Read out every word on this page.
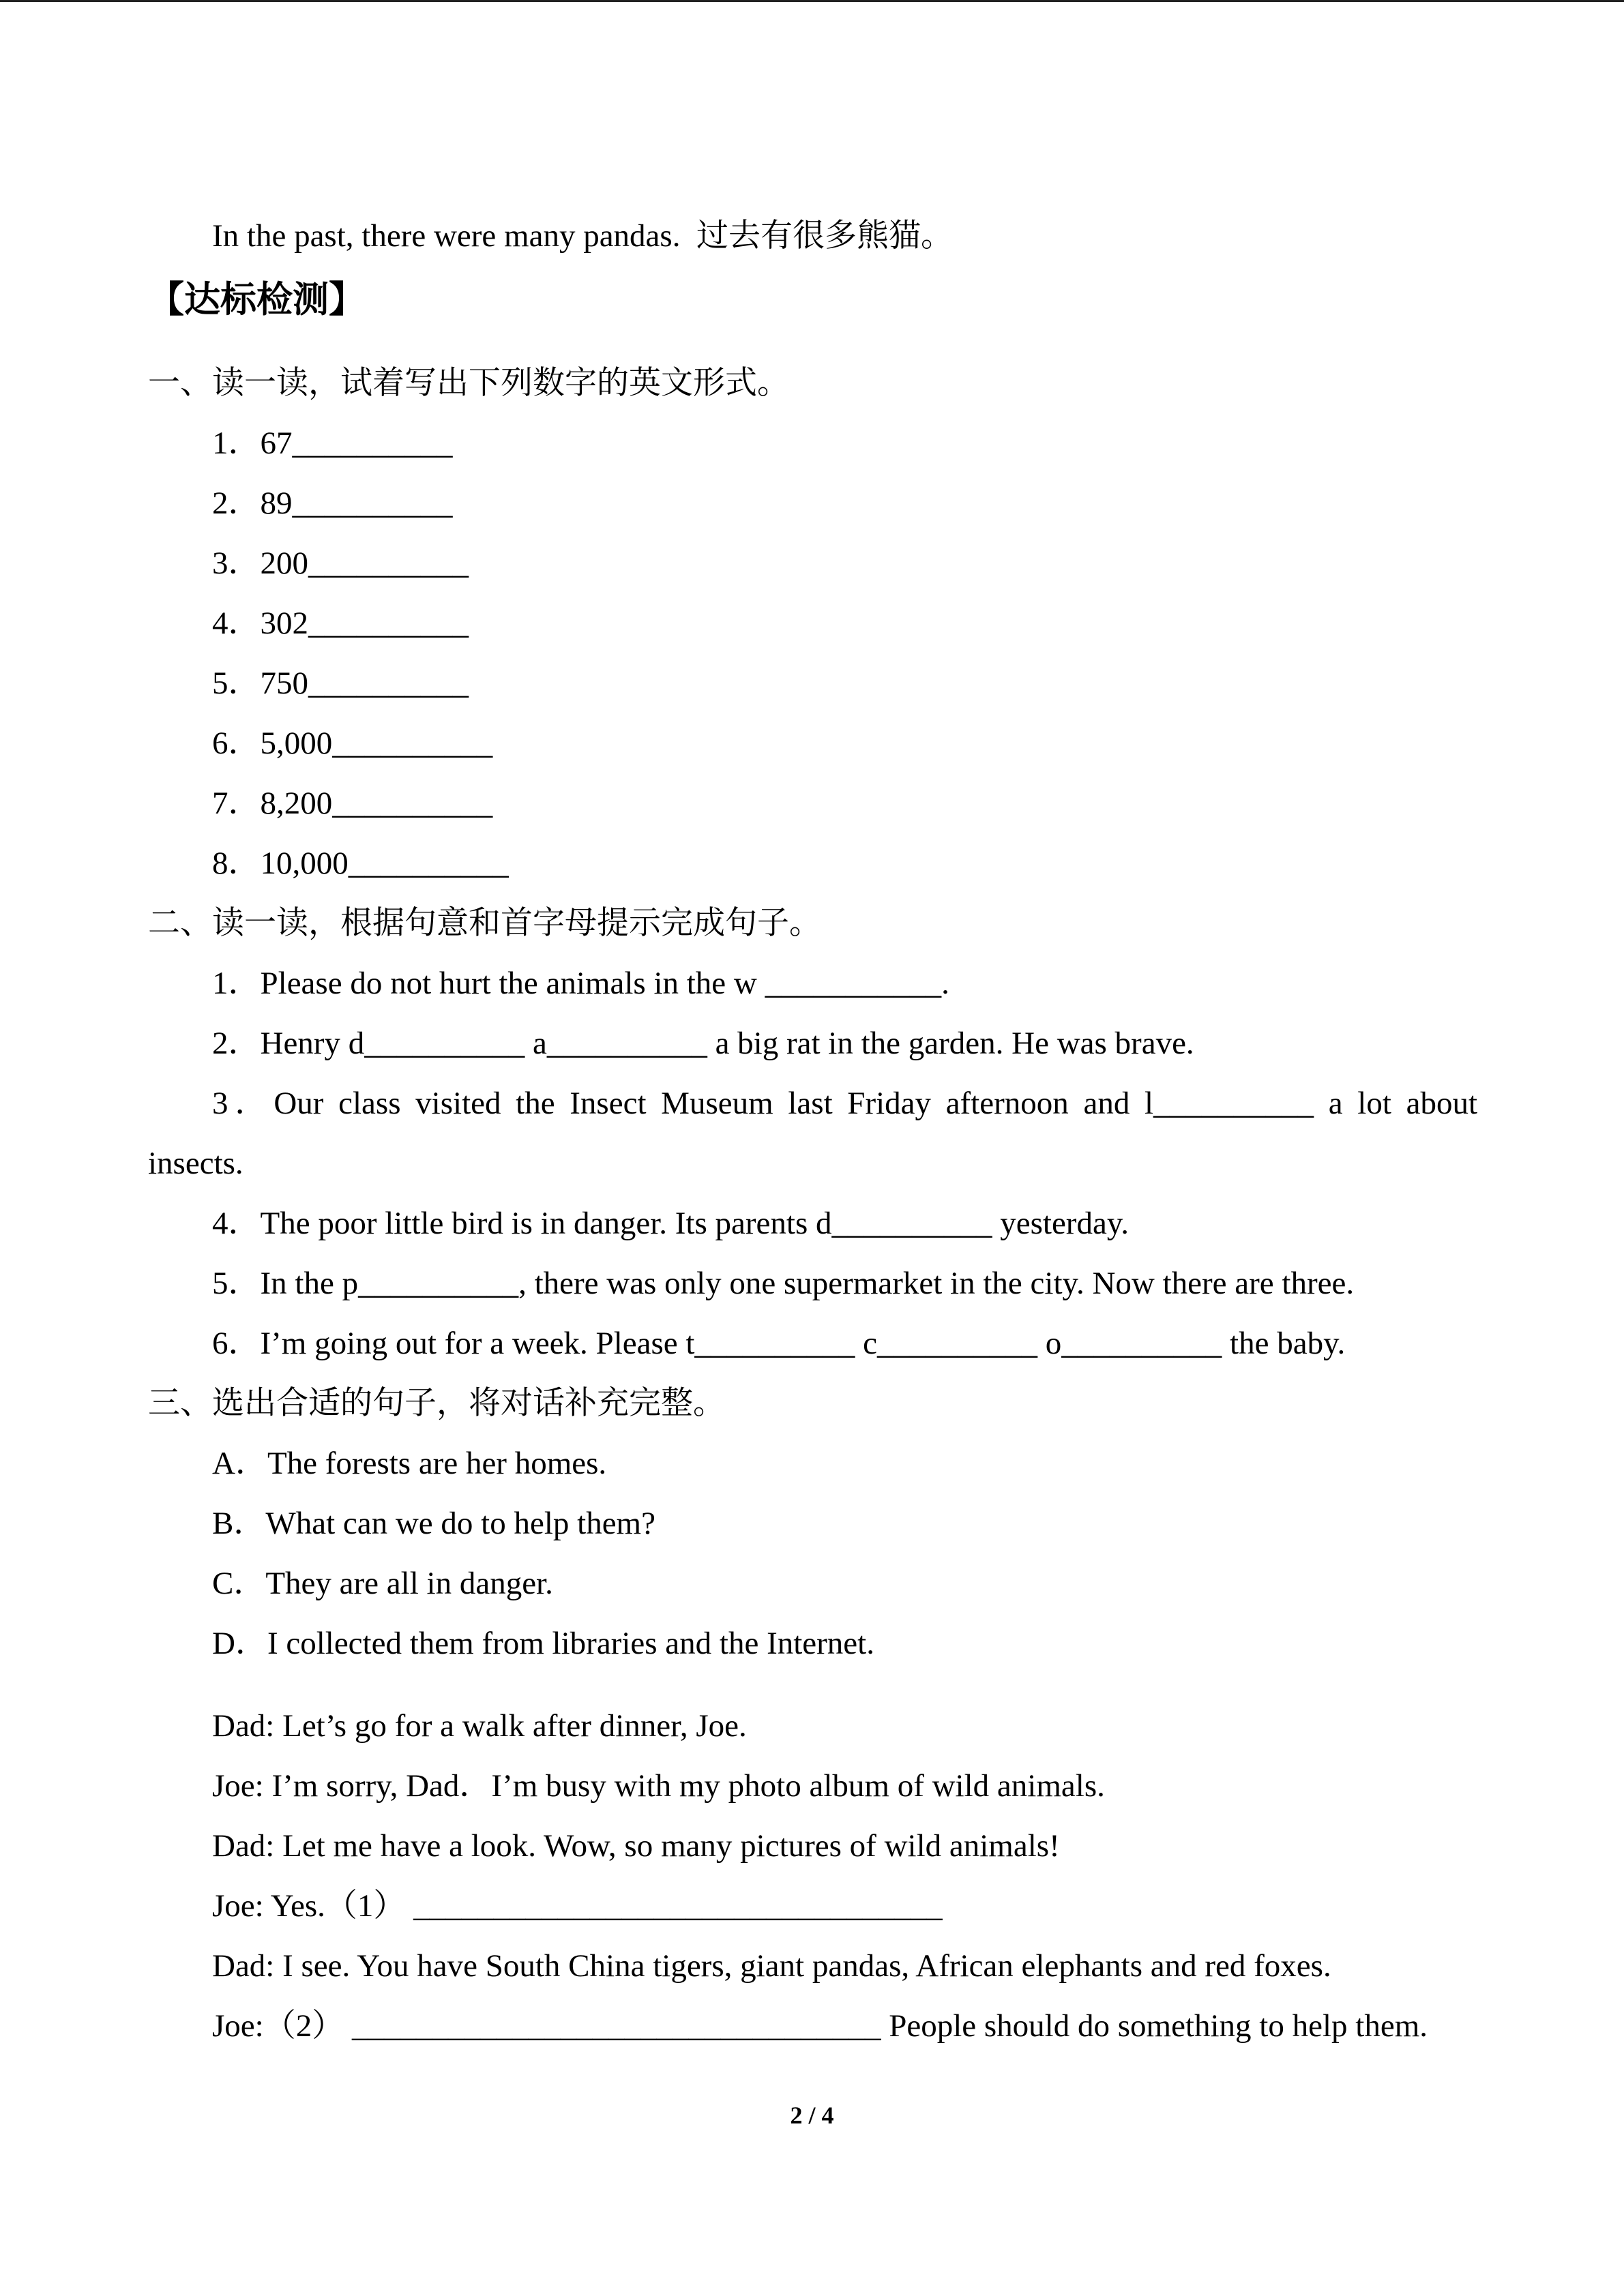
In the past, there were many pandas.  过去有很多熊猫。
【达标检测】
一、读一读，试着写出下列数字的英文形式。
1．67__________
2．89__________
3．200__________
4．302__________
5．750__________
6．5,000__________
7．8,200__________
8．10,000__________
二、读一读，根据句意和首字母提示完成句子。
1．Please do not hurt the animals in the w ___________.
2．Henry d__________ a__________ a big rat in the garden. He was brave.
3．Our class visited the Insect Museum last Friday afternoon and l__________ a lot about
insects.
4．The poor little bird is in danger. Its parents d__________ yesterday.
5．In the p__________, there was only one supermarket in the city. Now there are three.
6．I’m going out for a week. Please t__________ c__________ o__________ the baby.
三、选出合适的句子，将对话补充完整。
A．The forests are her homes.
B．What can we do to help them?
C．They are all in danger.
D．I collected them from libraries and the Internet.
Dad: Let’s go for a walk after dinner, Joe.
Joe: I’m sorry, Dad．I’m busy with my photo album of wild animals.
Dad: Let me have a look. Wow, so many pictures of wild animals!
Joe: Yes.（1） _________________________________
Dad: I see. You have South China tigers, giant pandas, African elephants and red foxes.
Joe:（2） _________________________________ People should do something to help them.
2 / 4
